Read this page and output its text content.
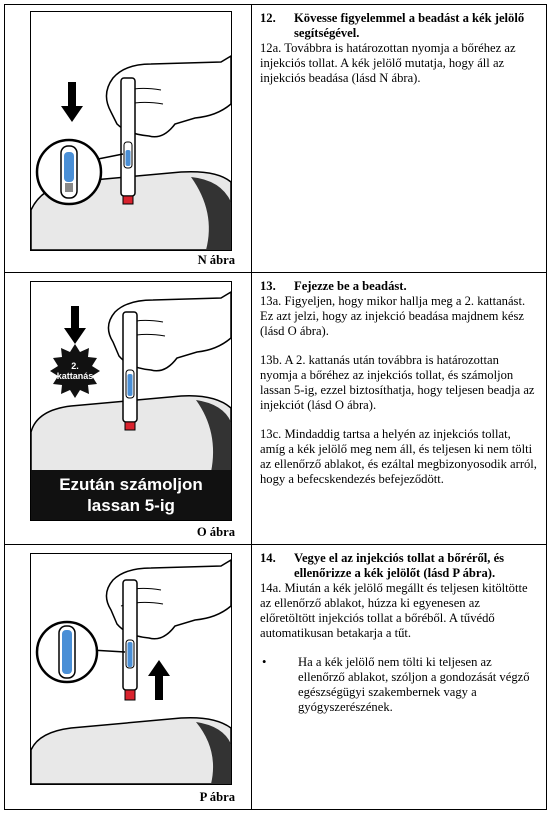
N ábra
12.	Kövesse figyelemmel a beadást a kék jelölő segítségével.
12a. Továbbra is határozottan nyomja a bőréhez az injekciós tollat. A kék jelölő mutatja, hogy áll az injekciós beadása (lásd N ábra).
2.
kattanás
Ezután számoljon
lassan 5-ig
O ábra
13.	Fejezze be a beadást.
13a. Figyeljen, hogy mikor hallja meg a 2. kattanást. Ez azt jelzi, hogy az injekció beadása majdnem kész (lásd O ábra).
13b. A 2. kattanás után továbbra is határozottan nyomja a bőréhez az injekciós tollat, és számoljon lassan 5-ig, ezzel biztosíthatja, hogy teljesen beadja az injekciót (lásd O ábra).
13c. Mindaddig tartsa a helyén az injekciós tollat, amíg a kék jelölő meg nem áll, és teljesen ki nem tölti az ellenőrző ablakot, és ezáltal megbizonyosodik arról, hogy a befecskendezés befejeződött.
P ábra
14.	Vegye el az injekciós tollat a bőréről, és ellenőrizze a kék jelölőt (lásd P ábra).
14a. Miután a kék jelölő megállt és teljesen kitöltötte az ellenőrző ablakot, húzza ki egyenesen az előretöltött injekciós tollat a bőréből. A tűvédő automatikusan betakarja a tűt.
•	Ha a kék jelölő nem tölti ki teljesen az ellenőrző ablakot, szóljon a gondozását végző egészségügyi szakembernek vagy a gyógyszerészének.
